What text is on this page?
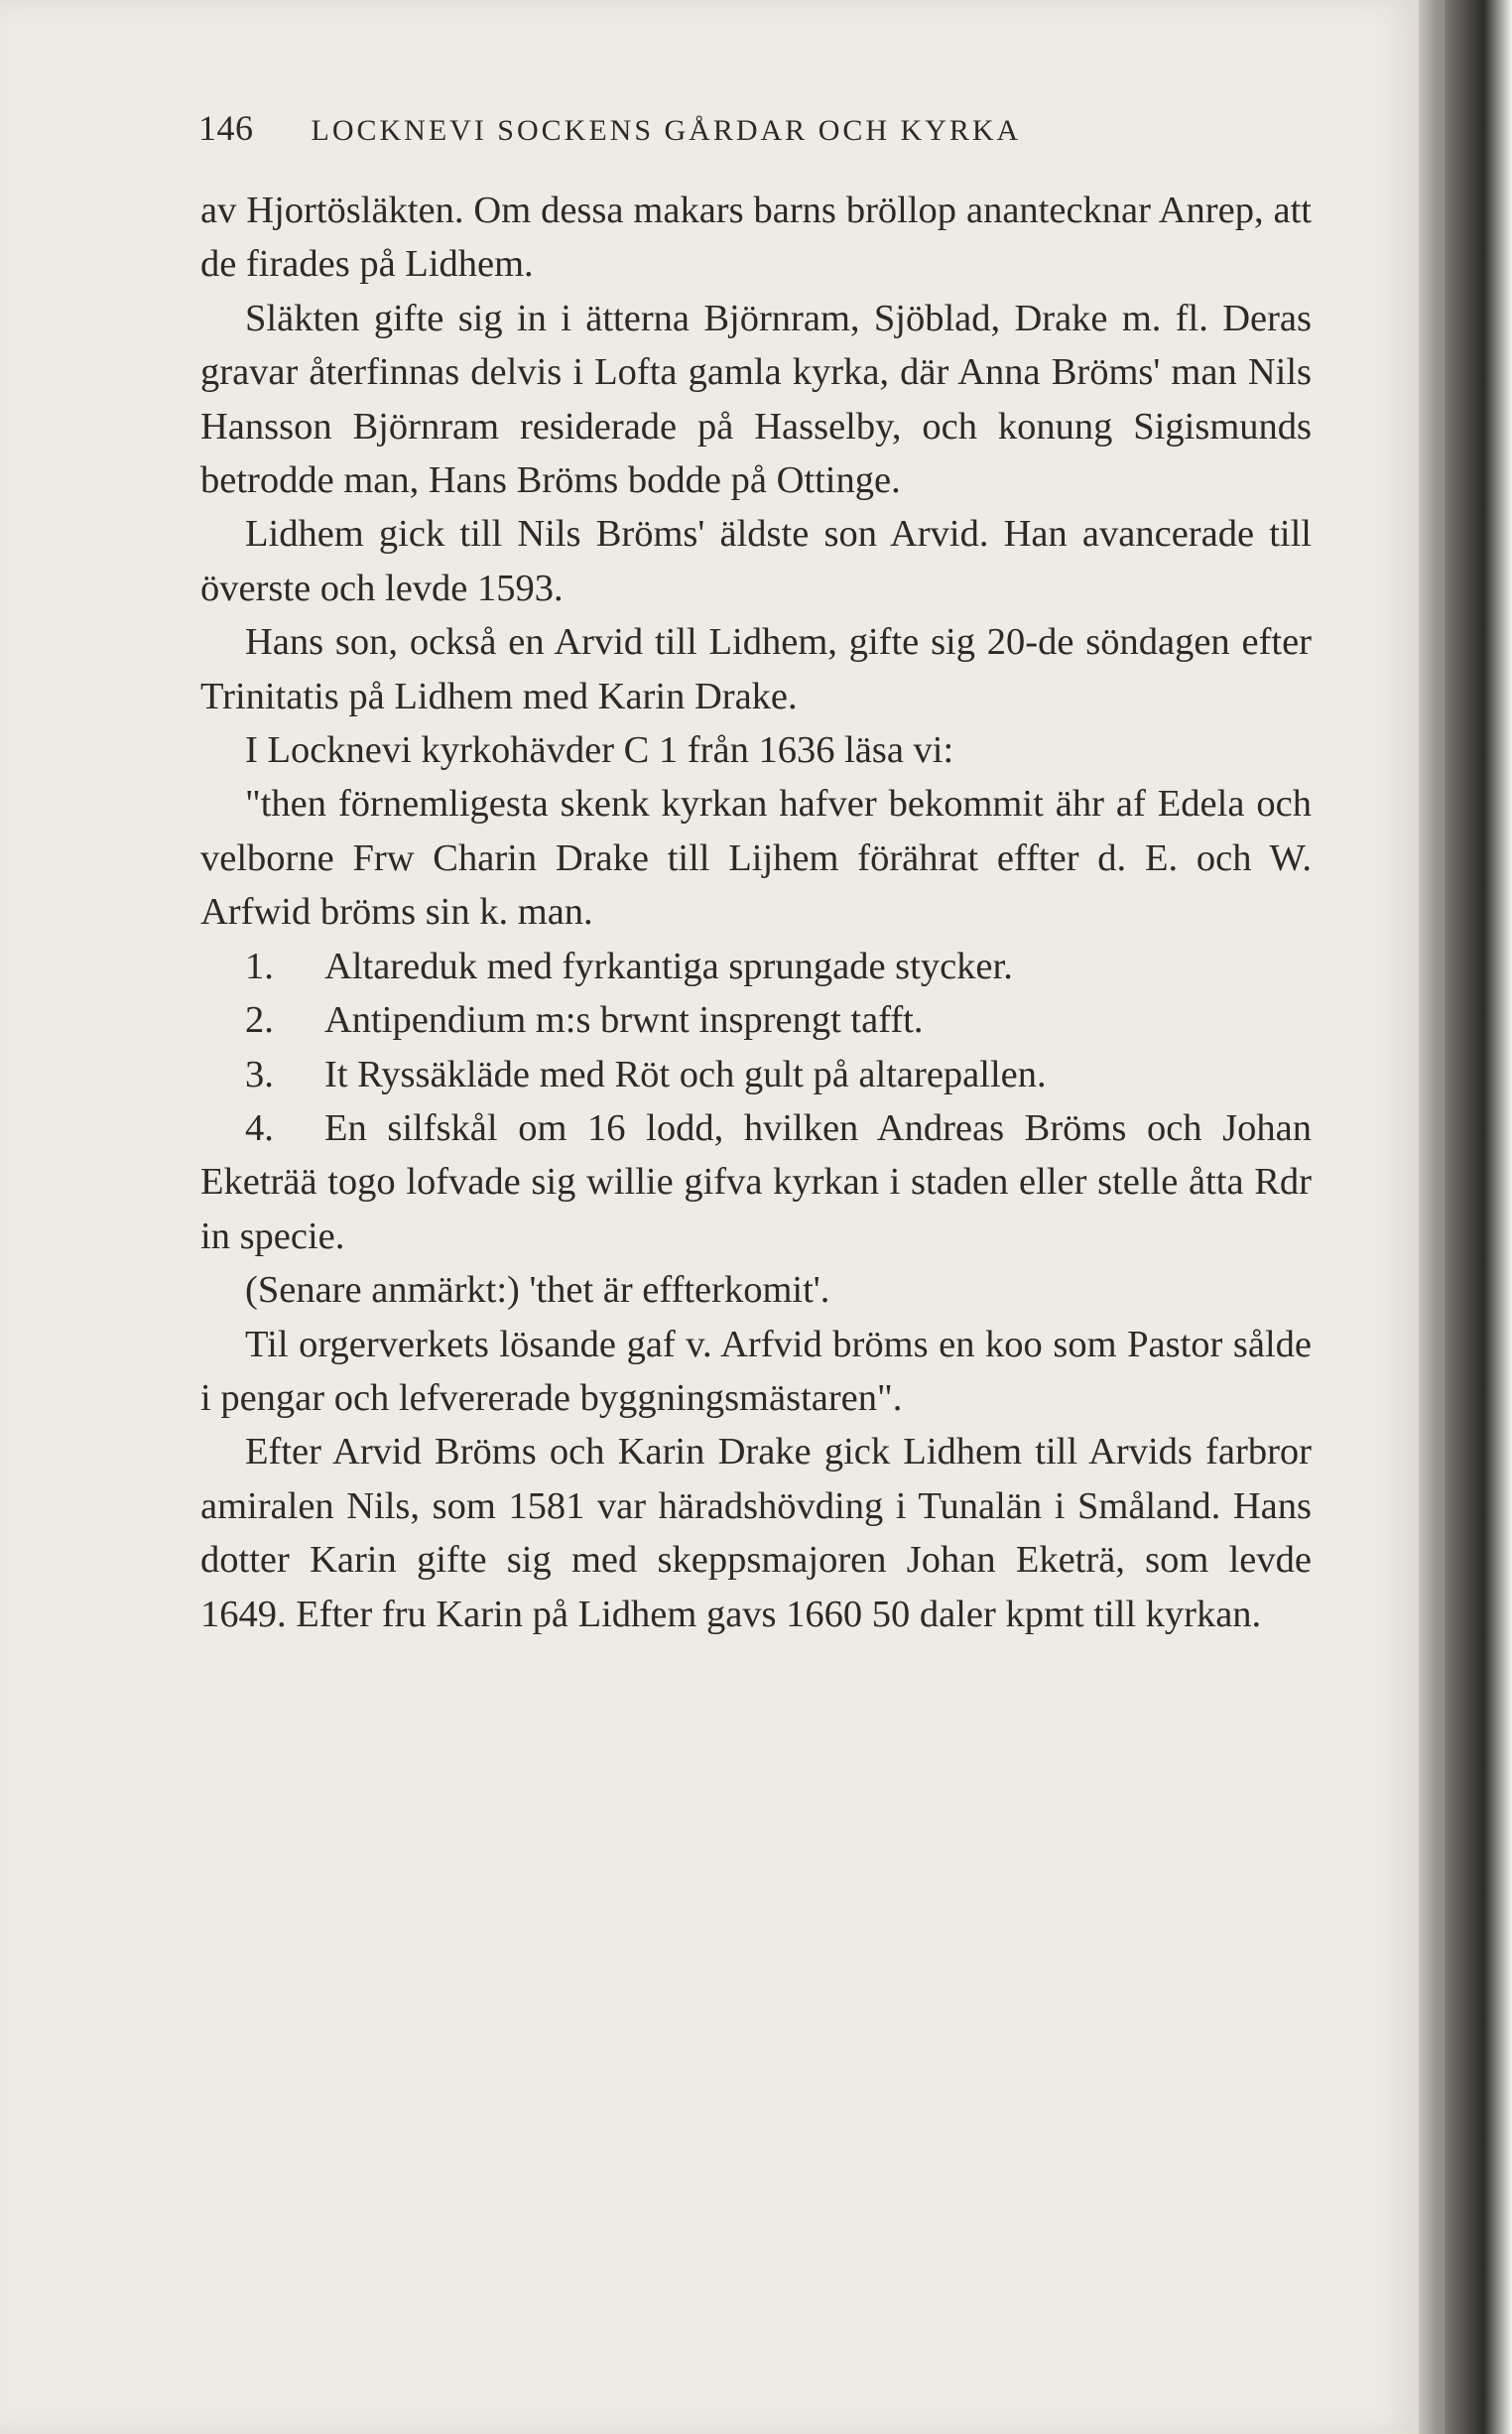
146 LOCKNEVI SOCKENS GÅRDAR OCH KYRKA

av Hjortösläkten. Om dessa makars barns bröllop anantecknar Anrep, att de firades på Lidhem.

Släkten gifte sig in i ätterna Björnram, Sjöblad, Drake m. fl. Deras gravar återfinnas delvis i Lofta gamla kyrka, där Anna Bröms' man Nils Hansson Björnram residerade på Hasselby, och konung Sigismunds betrodde man, Hans Bröms bodde på Ottinge.

Lidhem gick till Nils Bröms' äldste son Arvid. Han avancerade till överste och levde 1593.

Hans son, också en Arvid till Lidhem, gifte sig 20-de söndagen efter Trinitatis på Lidhem med Karin Drake.

I Locknevi kyrkohävder C 1 från 1636 läsa vi:

"then förnemligesta skenk kyrkan hafver bekommit ähr af Edela och velborne Frw Charin Drake till Lijhem förährat effter d. E. och W. Arfwid bröms sin k. man.

1.	Altareduk med fyrkantiga sprungade stycker.
2.	Antipendium m:s brwnt insprengt tafft.
3.	It Ryssäkläde med Röt och gult på altarepallen.
4. En silfskål om 16 lodd, hvilken Andreas Bröms och Johan Eketrää togo lofvade sig willie gifva kyrkan i staden eller stelle åtta Rdr in specie.

(Senare anmärkt:) 'thet är effterkomit'.

Til orgerverkets lösande gaf v. Arfvid bröms en koo som Pastor sålde i pengar och lefvererade byggningsmästaren".

Efter Arvid Bröms och Karin Drake gick Lidhem till Arvids farbror amiralen Nils, som 1581 var häradshövding i Tunalän i Småland. Hans dotter Karin gifte sig med skeppsmajoren Johan Eketrä, som levde 1649. Efter fru Karin på Lidhem gavs 1660 50 daler kpmt till kyrkan.
